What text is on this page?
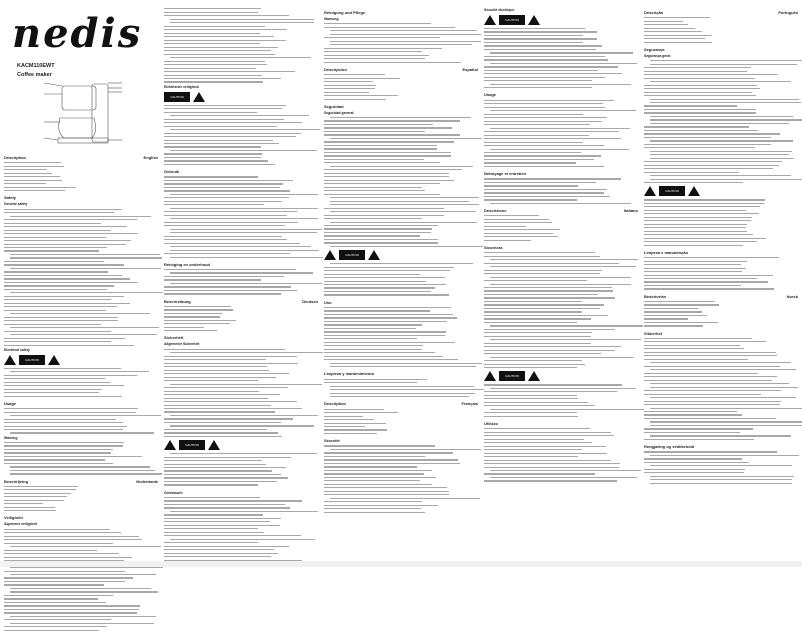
nedis
KACM110EWT
Coffee maker
Description	English
Safety
General safety
Electrical safety
CAUTION
Usage
Warning
Beschrijving	Nederlands
Veiligheid
Algemene veiligheid
Elektrische veiligheid
CAUTION
Gebruik
Reiniging en onderhoud
Beschreibung	Deutsch
Sicherheit
Allgemeine Sicherheit
CAUTION
Gebrauch
Reinigung und Pflege
Warnung
Descripción	Español
Seguridad
Seguridad general
CAUTION
Uso
Limpieza y mantenimiento
Description	Français
Sécurité
Sécurité électrique
CAUTION
Usage
Nettoyage et entretien
Descrizione	Italiano
Sicurezza
CAUTION
Utilizzo
Descrição	Português
Segurança
Segurança geral
CAUTION
Limpeza e manutenção
Beskrivelse	Norsk
Sikkerhet
Rengjøring og vedlikehold
